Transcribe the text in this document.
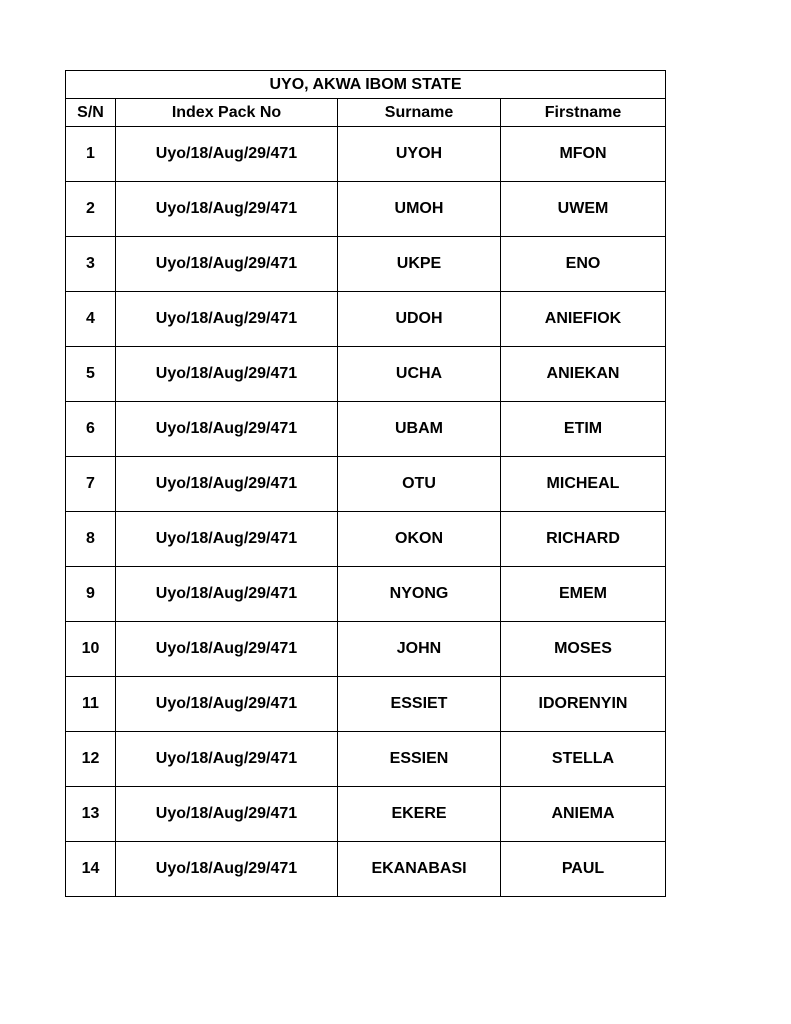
UYO, AKWA IBOM STATE			
S/N	Index Pack No	Surname	Firstname
1	Uyo/18/Aug/29/471	UYOH	MFON
2	Uyo/18/Aug/29/471	UMOH	UWEM
3	Uyo/18/Aug/29/471	UKPE	ENO
4	Uyo/18/Aug/29/471	UDOH	ANIEFIOK
5	Uyo/18/Aug/29/471	UCHA	ANIEKAN
6	Uyo/18/Aug/29/471	UBAM	ETIM
7	Uyo/18/Aug/29/471	OTU	MICHEAL
8	Uyo/18/Aug/29/471	OKON	RICHARD
9	Uyo/18/Aug/29/471	NYONG	EMEM
10	Uyo/18/Aug/29/471	JOHN	MOSES
11	Uyo/18/Aug/29/471	ESSIET	IDORENYIN
12	Uyo/18/Aug/29/471	ESSIEN	STELLA
13	Uyo/18/Aug/29/471	EKERE	ANIEMA
14	Uyo/18/Aug/29/471	EKANABASI	PAUL
